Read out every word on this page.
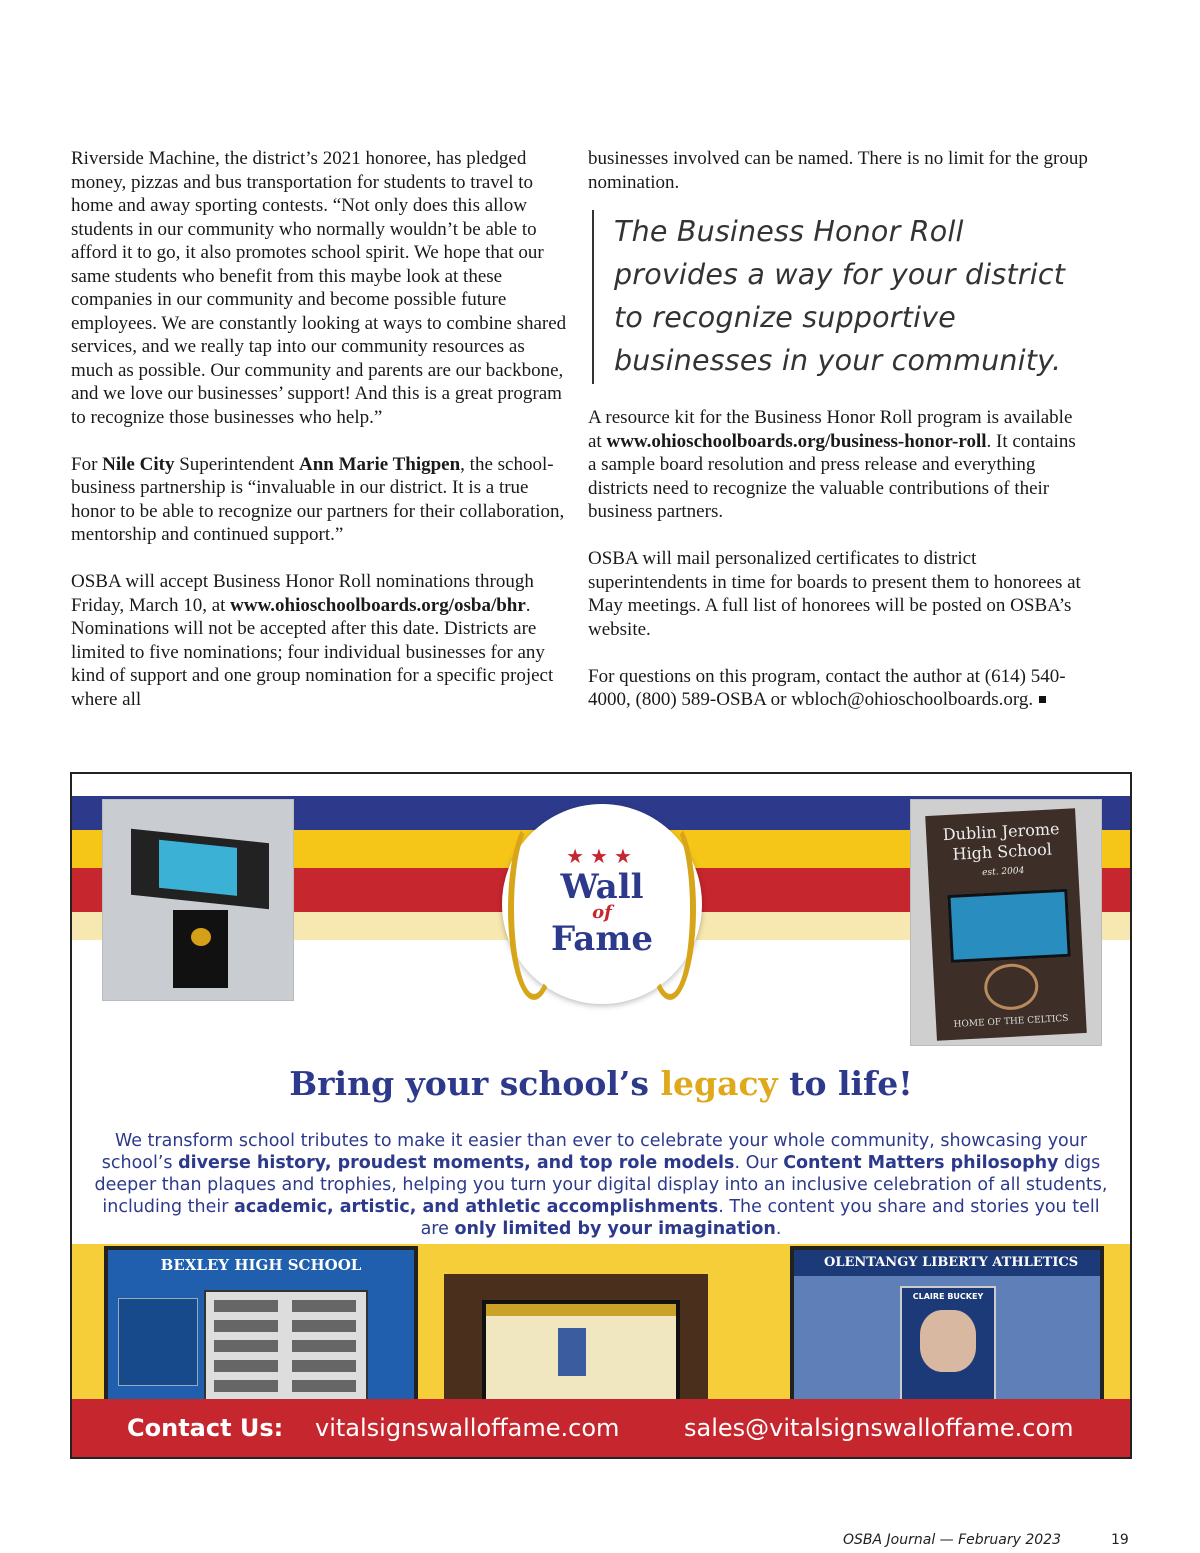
Riverside Machine, the district’s 2021 honoree, has pledged money, pizzas and bus transportation for students to travel to home and away sporting contests. “Not only does this allow students in our community who normally wouldn’t be able to afford it to go, it also promotes school spirit. We hope that our same students who benefit from this maybe look at these companies in our community and become possible future employees. We are constantly looking at ways to combine shared services, and we really tap into our community resources as much as possible. Our community and parents are our backbone, and we love our businesses’ support! And this is a great program to recognize those businesses who help.”

For Nile City Superintendent Ann Marie Thigpen, the school-business partnership is “invaluable in our district. It is a true honor to be able to recognize our partners for their collaboration, mentorship and continued support.”

OSBA will accept Business Honor Roll nominations through Friday, March 10, at www.ohioschoolboards.org/osba/bhr. Nominations will not be accepted after this date. Districts are limited to five nominations; four individual businesses for any kind of support and one group nomination for a specific project where all

businesses involved can be named. There is no limit for the group nomination.

The Business Honor Roll provides a way for your district to recognize supportive businesses in your community.

A resource kit for the Business Honor Roll program is available at www.ohioschoolboards.org/business-honor-roll. It contains a sample board resolution and press release and everything districts need to recognize the valuable contributions of their business partners.

OSBA will mail personalized certificates to district superintendents in time for boards to present them to honorees at May meetings. A full list of honorees will be posted on OSBA’s website.

For questions on this program, contact the author at (614) 540-4000, (800) 589-OSBA or wbloch@ohioschoolboards.org.

★★★
Wall
of
Fame
Dublin Jerome
High School
est. 2004
HOME OF THE CELTICS
Bring your school’s legacy to life!
We transform school tributes to make it easier than ever to celebrate your whole community, showcasing your school’s diverse history, proudest moments, and top role models. Our Content Matters philosophy digs deeper than plaques and trophies, helping you turn your digital display into an inclusive celebration of all students, including their academic, artistic, and athletic accomplishments. The content you share and stories you tell are only limited by your imagination.
BEXLEY HIGH SCHOOL	OLENTANGY LIBERTY ATHLETICS
CLAIRE BUCKEY
Contact Us: vitalsignswalloffame.com	sales@vitalsignswalloffame.com
OSBA Journal — February 2023	19
